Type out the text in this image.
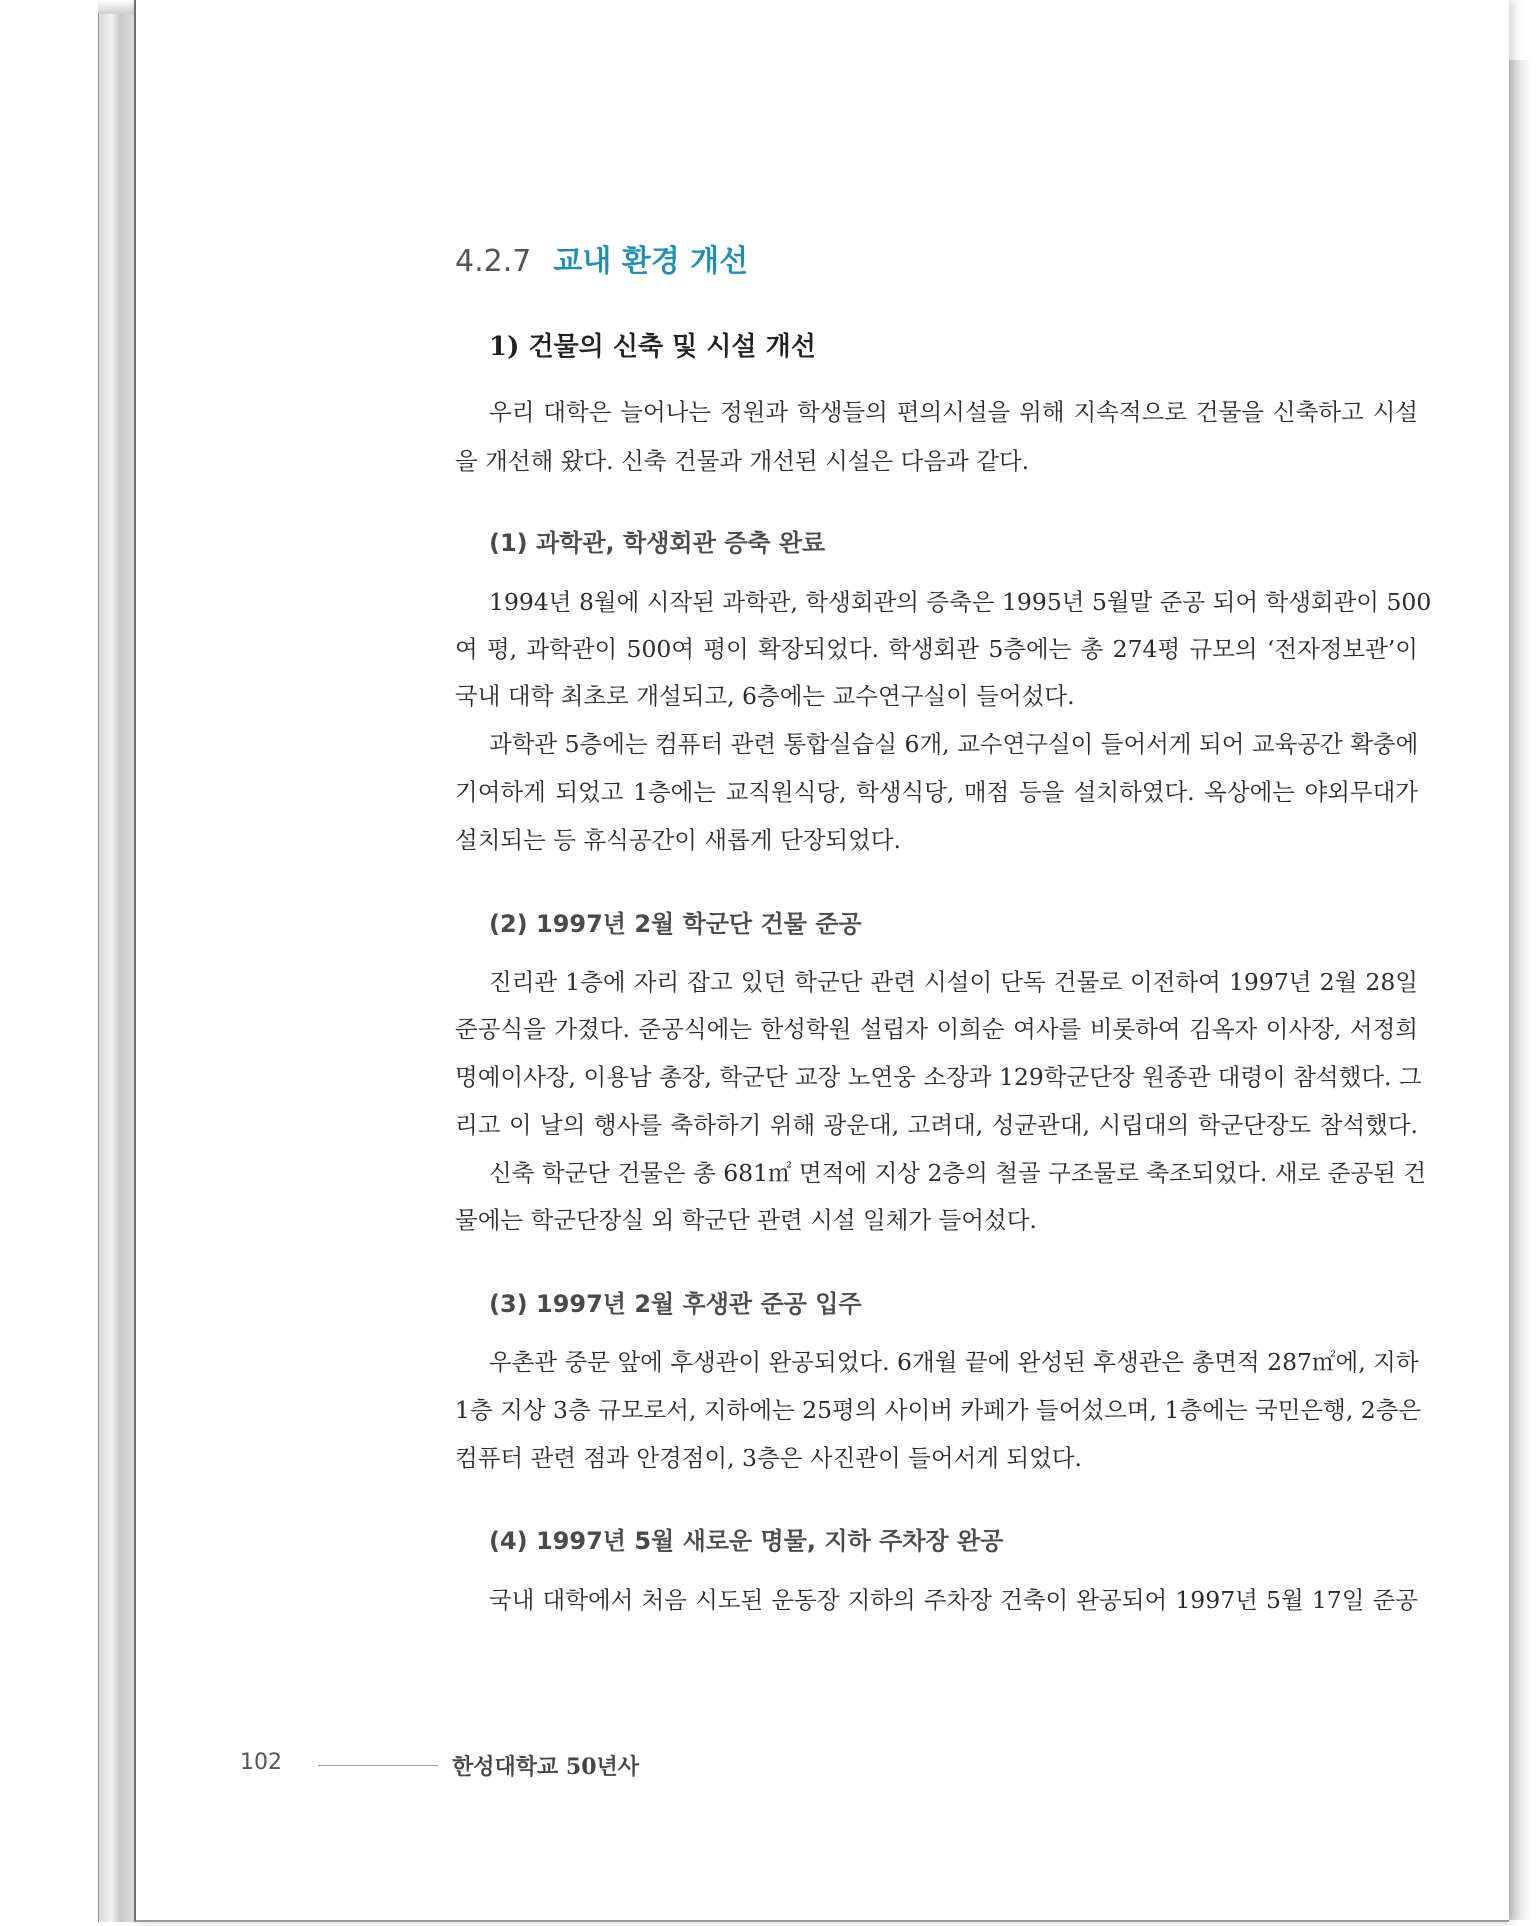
4.2.7 교내 환경 개선
1) 건물의 신축 및 시설 개선
우리 대학은 늘어나는 정원과 학생들의 편의시설을 위해 지속적으로 건물을 신축하고 시설
을 개선해 왔다. 신축 건물과 개선된 시설은 다음과 같다.
(1) 과학관, 학생회관 증축 완료
1994년 8월에 시작된 과학관, 학생회관의 증축은 1995년 5월말 준공 되어 학생회관이 500
여 평, 과학관이 500여 평이 확장되었다. 학생회관 5층에는 총 274평 규모의 ‘전자정보관’이
국내 대학 최초로 개설되고, 6층에는 교수연구실이 들어섰다.
과학관 5층에는 컴퓨터 관련 통합실습실 6개, 교수연구실이 들어서게 되어 교육공간 확충에
기여하게 되었고 1층에는 교직원식당, 학생식당, 매점 등을 설치하였다. 옥상에는 야외무대가
설치되는 등 휴식공간이 새롭게 단장되었다.
(2) 1997년 2월 학군단 건물 준공
진리관 1층에 자리 잡고 있던 학군단 관련 시설이 단독 건물로 이전하여 1997년 2월 28일
준공식을 가졌다. 준공식에는 한성학원 설립자 이희순 여사를 비롯하여 김옥자 이사장, 서정희
명예이사장, 이용남 총장, 학군단 교장 노연웅 소장과 129학군단장 원종관 대령이 참석했다. 그
리고 이 날의 행사를 축하하기 위해 광운대, 고려대, 성균관대, 시립대의 학군단장도 참석했다.
신축 학군단 건물은 총 681㎡ 면적에 지상 2층의 철골 구조물로 축조되었다. 새로 준공된 건
물에는 학군단장실 외 학군단 관련 시설 일체가 들어섰다.
(3) 1997년 2월 후생관 준공 입주
우촌관 중문 앞에 후생관이 완공되었다. 6개월 끝에 완성된 후생관은 총면적 287㎡에, 지하
1층 지상 3층 규모로서, 지하에는 25평의 사이버 카페가 들어섰으며, 1층에는 국민은행, 2층은
컴퓨터 관련 점과 안경점이, 3층은 사진관이 들어서게 되었다.
(4) 1997년 5월 새로운 명물, 지하 주차장 완공
국내 대학에서 처음 시도된 운동장 지하의 주차장 건축이 완공되어 1997년 5월 17일 준공
102	한성대학교 50년사
